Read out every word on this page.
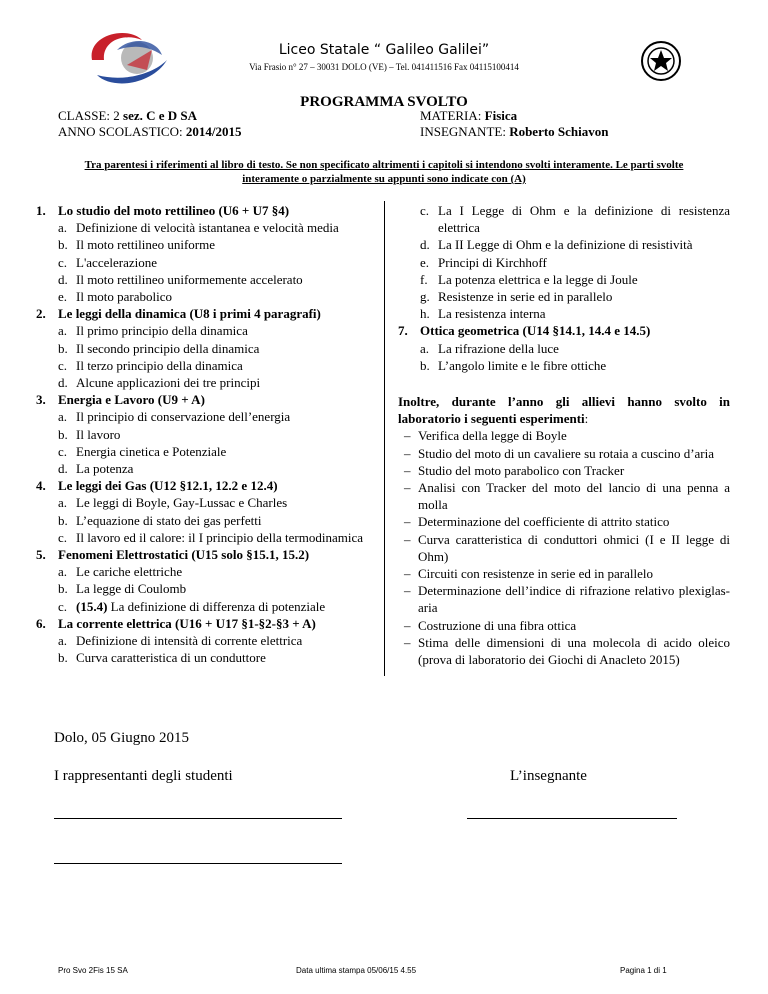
Liceo Statale “ Galileo Galilei”
Via Frasio n° 27 – 30031 DOLO (VE) – Tel. 041411516 Fax 04115100414
PROGRAMMA SVOLTO
CLASSE: 2 sez. C e D SA
ANNO SCOLASTICO: 2014/2015
MATERIA: Fisica
INSEGNANTE: Roberto Schiavon
Tra parentesi i riferimenti al libro di testo. Se non specificato altrimenti i capitoli si intendono svolti interamente. Le parti svolte interamente o parzialmente su appunti sono indicate con (A)
1. Lo studio del moto rettilineo (U6 + U7 §4)
a. Definizione di velocità istantanea e velocità media
b. Il moto rettilineo uniforme
c. L'accelerazione
d. Il moto rettilineo uniformemente accelerato
e. Il moto parabolico
2. Le leggi della dinamica (U8 i primi 4 paragrafi)
a. Il primo principio della dinamica
b. Il secondo principio della dinamica
c. Il terzo principio della dinamica
d. Alcune applicazioni dei tre principi
3. Energia e Lavoro (U9 + A)
a. Il principio di conservazione dell’energia
b. Il lavoro
c. Energia cinetica e Potenziale
d. La potenza
4. Le leggi dei Gas (U12 §12.1, 12.2 e 12.4)
a. Le leggi di Boyle, Gay-Lussac e Charles
b. L’equazione di stato dei gas perfetti
c. Il lavoro ed il calore: il I principio della termodinamica
5. Fenomeni Elettrostatici (U15 solo §15.1, 15.2)
a. Le cariche elettriche
b. La legge di Coulomb
c. (15.4) La definizione di differenza di potenziale
6. La corrente elettrica (U16 + U17 §1-§2-§3 + A)
a. Definizione di intensità di corrente elettrica
b. Curva caratteristica di un conduttore
c. La I Legge di Ohm e la definizione di resistenza elettrica
d. La II Legge di Ohm e la definizione di resistività
e. Principi di Kirchhoff
f. La potenza elettrica e la legge di Joule
g. Resistenze in serie ed in parallelo
h. La resistenza interna
7. Ottica geometrica (U14 §14.1, 14.4 e 14.5)
a. La rifrazione della luce
b. L’angolo limite e le fibre ottiche
Inoltre, durante l’anno gli allievi hanno svolto in laboratorio i seguenti esperimenti:
– Verifica della legge di Boyle
– Studio del moto di un cavaliere su rotaia a cuscino d’aria
– Studio del moto parabolico con Tracker
– Analisi con Tracker del moto del lancio di una penna a molla
– Determinazione del coefficiente di attrito statico
– Curva caratteristica di conduttori ohmici (I e II legge di Ohm)
– Circuiti con resistenze in serie ed in parallelo
– Determinazione dell’indice di rifrazione relativo plexiglas-aria
– Costruzione di una fibra ottica
– Stima delle dimensioni di una molecola di acido oleico (prova di laboratorio dei Giochi di Anacleto 2015)
Dolo, 05 Giugno 2015
I rappresentanti degli studenti	L’insegnante
Pro Svo 2Fis 15 SA	Data ultima stampa 05/06/15 4.55	Pagina 1 di 1
